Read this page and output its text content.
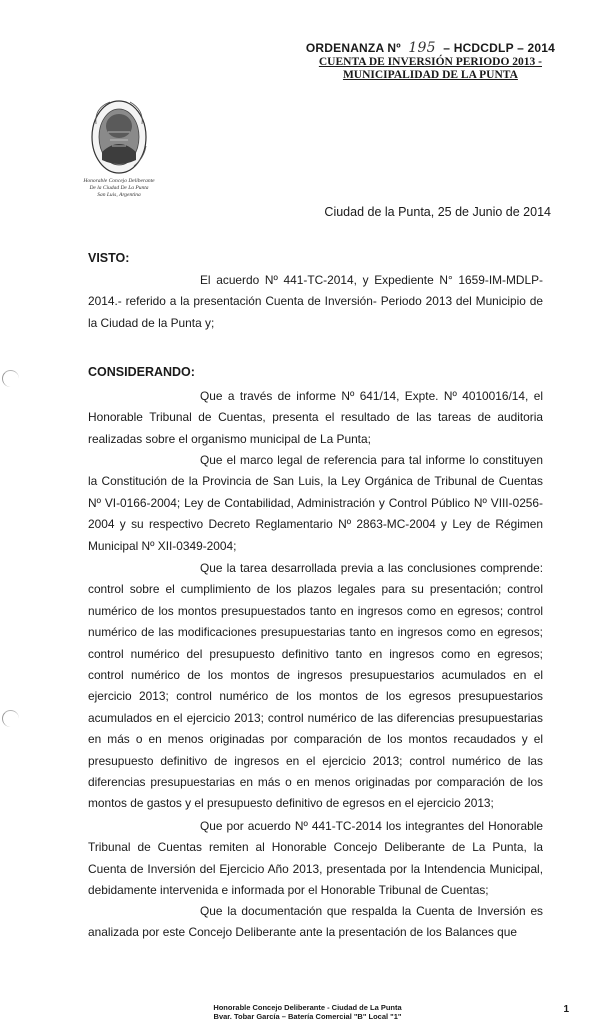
ORDENANZA Nº 195 – HCDCDLP – 2014
CUENTA DE INVERSIÓN PERIODO 2013 -
MUNICIPALIDAD DE LA PUNTA
Honorable Concejo Deliberante
De la Ciudad De La Punta
San Luis, Argentina
Ciudad de la Punta, 25 de Junio de 2014
VISTO:

El acuerdo Nº 441-TC-2014, y Expediente N° 1659-IM-MDLP-2014.- referido a la presentación Cuenta de Inversión- Periodo 2013 del Municipio de la Ciudad de la Punta y;

CONSIDERANDO:

Que a través de informe Nº 641/14, Expte. Nº 4010016/14, el Honorable Tribunal de Cuentas, presenta el resultado de las tareas de auditoria realizadas sobre el organismo municipal de La Punta;

Que el marco legal de referencia para tal informe lo constituyen la Constitución de la Provincia de San Luis, la Ley Orgánica de Tribunal de Cuentas Nº VI-0166-2004; Ley de Contabilidad, Administración y Control Público Nº VIII-0256-2004 y su respectivo Decreto Reglamentario Nº 2863-MC-2004 y Ley de Régimen Municipal Nº XII-0349-2004;

Que la tarea desarrollada previa a las conclusiones comprende: control sobre el cumplimiento de los plazos legales para su presentación; control numérico de los montos presupuestados tanto en ingresos como en egresos; control numérico de las modificaciones presupuestarias tanto en ingresos como en egresos; control numérico del presupuesto definitivo tanto en ingresos como en egresos; control numérico de los montos de ingresos presupuestarios acumulados en el ejercicio 2013; control numérico de los montos de los egresos presupuestarios acumulados en el ejercicio 2013; control numérico de las diferencias presupuestarias en más o en menos originadas por comparación de los montos recaudados y el presupuesto definitivo de ingresos en el ejercicio 2013; control numérico de las diferencias presupuestarias en más o en menos originadas por comparación de los montos de gastos y el presupuesto definitivo de egresos en el ejercicio 2013;

Que por acuerdo Nº 441-TC-2014 los integrantes del Honorable Tribunal de Cuentas remiten al Honorable Concejo Deliberante de La Punta, la Cuenta de Inversión del Ejercicio Año 2013, presentada por la Intendencia Municipal, debidamente intervenida e informada por el Honorable Tribunal de Cuentas;

Que la documentación que respalda la Cuenta de Inversión es analizada por este Concejo Deliberante ante la presentación de los Balances que

Honorable Concejo Deliberante - Ciudad de La Punta
Bvar. Tobar García – Batería Comercial "B" Local "1"
1
